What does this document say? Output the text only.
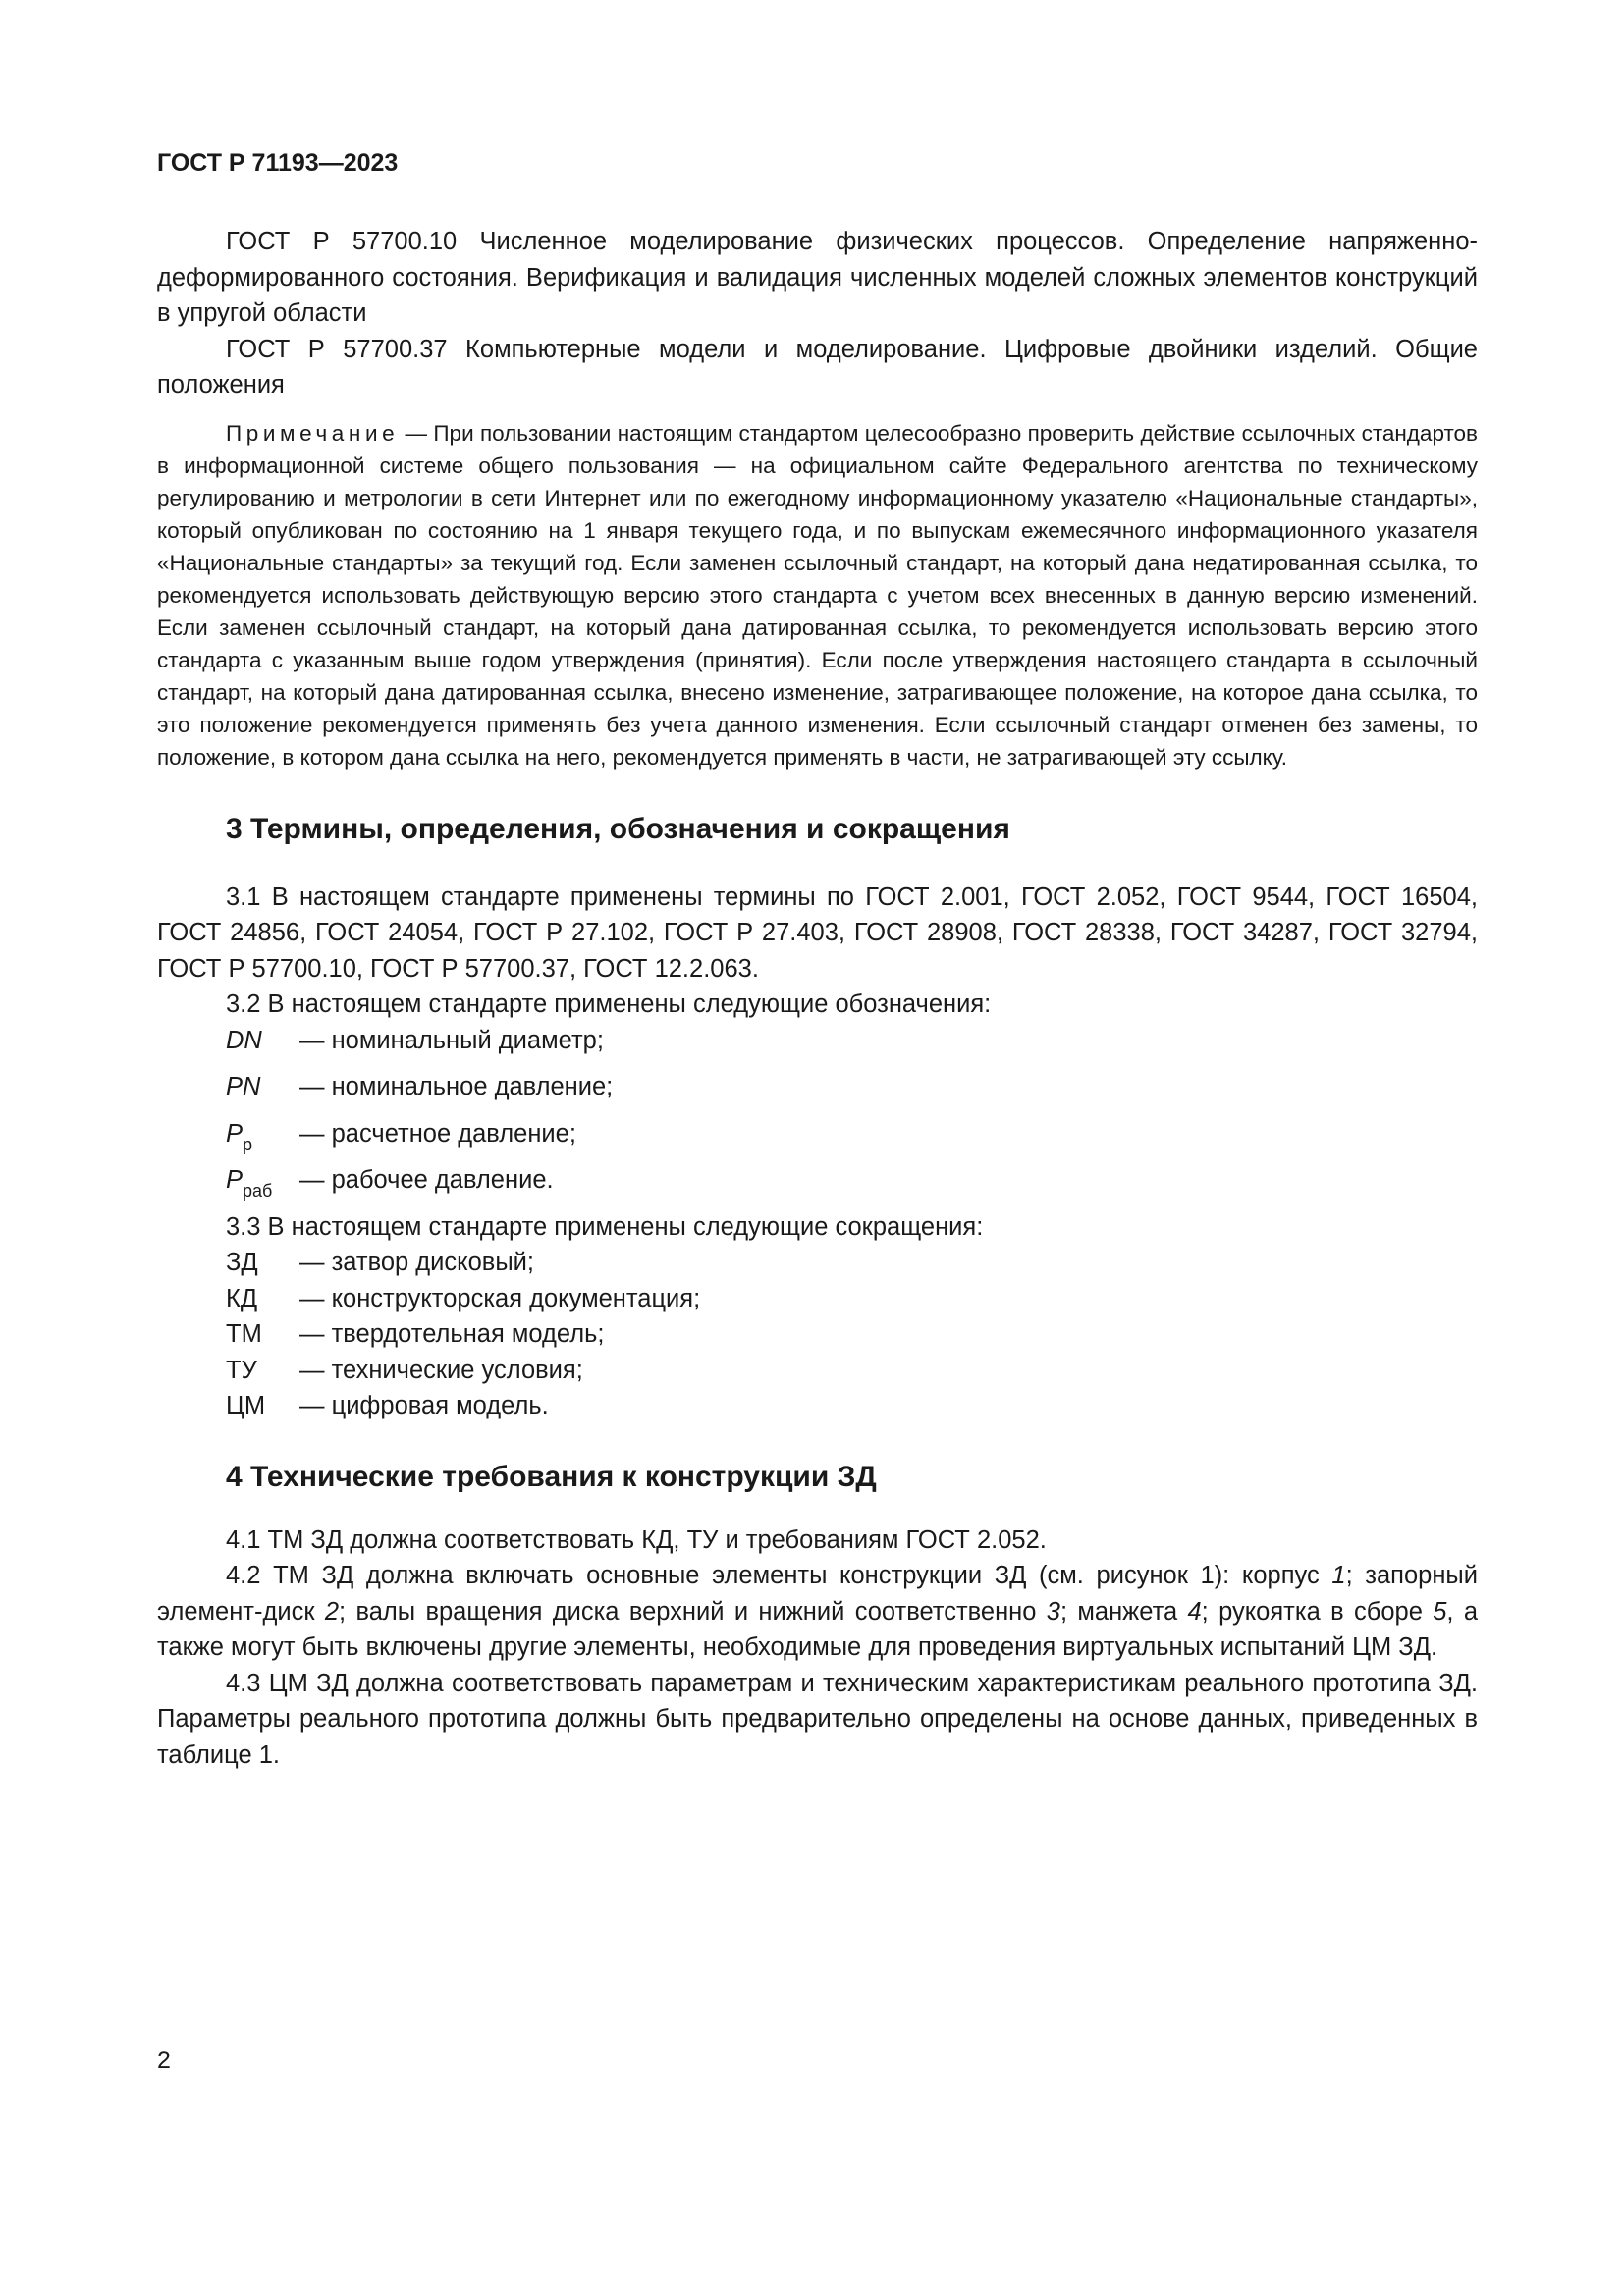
ГОСТ Р 71193—2023

ГОСТ Р 57700.10 Численное моделирование физических процессов. Определение напряженно-деформированного состояния. Верификация и валидация численных моделей сложных элементов конструкций в упругой области

ГОСТ Р 57700.37 Компьютерные модели и моделирование. Цифровые двойники изделий. Общие положения

Примечание — При пользовании настоящим стандартом целесообразно проверить действие ссылочных стандартов в информационной системе общего пользования — на официальном сайте Федерального агентства по техническому регулированию и метрологии в сети Интернет или по ежегодному информационному указателю «Национальные стандарты», который опубликован по состоянию на 1 января текущего года, и по выпускам ежемесячного информационного указателя «Национальные стандарты» за текущий год. Если заменен ссылочный стандарт, на который дана недатированная ссылка, то рекомендуется использовать действующую версию этого стандарта с учетом всех внесенных в данную версию изменений. Если заменен ссылочный стандарт, на который дана датированная ссылка, то рекомендуется использовать версию этого стандарта с указанным выше годом утверждения (принятия). Если после утверждения настоящего стандарта в ссылочный стандарт, на который дана датированная ссылка, внесено изменение, затрагивающее положение, на которое дана ссылка, то это положение рекомендуется применять без учета данного изменения. Если ссылочный стандарт отменен без замены, то положение, в котором дана ссылка на него, рекомендуется применять в части, не затрагивающей эту ссылку.

3 Термины, определения, обозначения и сокращения

3.1 В настоящем стандарте применены термины по ГОСТ 2.001, ГОСТ 2.052, ГОСТ 9544, ГОСТ 16504, ГОСТ 24856, ГОСТ 24054, ГОСТ Р 27.102, ГОСТ Р 27.403, ГОСТ 28908, ГОСТ 28338, ГОСТ 34287, ГОСТ 32794, ГОСТ Р 57700.10, ГОСТ Р 57700.37, ГОСТ 12.2.063.

3.2 В настоящем стандарте применены следующие обозначения:

DN — номинальный диаметр;
PN — номинальное давление;
$P_р$ — расчетное давление;
$P_{раб}$ — рабочее давление.

3.3 В настоящем стандарте применены следующие сокращения:

ЗД — затвор дисковый;
КД — конструкторская документация;
ТМ — твердотельная модель;
ТУ — технические условия;
ЦМ — цифровая модель.
4 Технические требования к конструкции ЗД

4.1 ТМ ЗД должна соответствовать КД, ТУ и требованиям ГОСТ 2.052.

4.2 ТМ ЗД должна включать основные элементы конструкции ЗД (см. рисунок 1): корпус 1; запорный элемент-диск 2; валы вращения диска верхний и нижний соответственно 3; манжета 4; рукоятка в сборе 5, а также могут быть включены другие элементы, необходимые для проведения виртуальных испытаний ЦМ ЗД.

4.3 ЦМ ЗД должна соответствовать параметрам и техническим характеристикам реального прототипа ЗД. Параметры реального прототипа должны быть предварительно определены на основе данных, приведенных в таблице 1.

2
